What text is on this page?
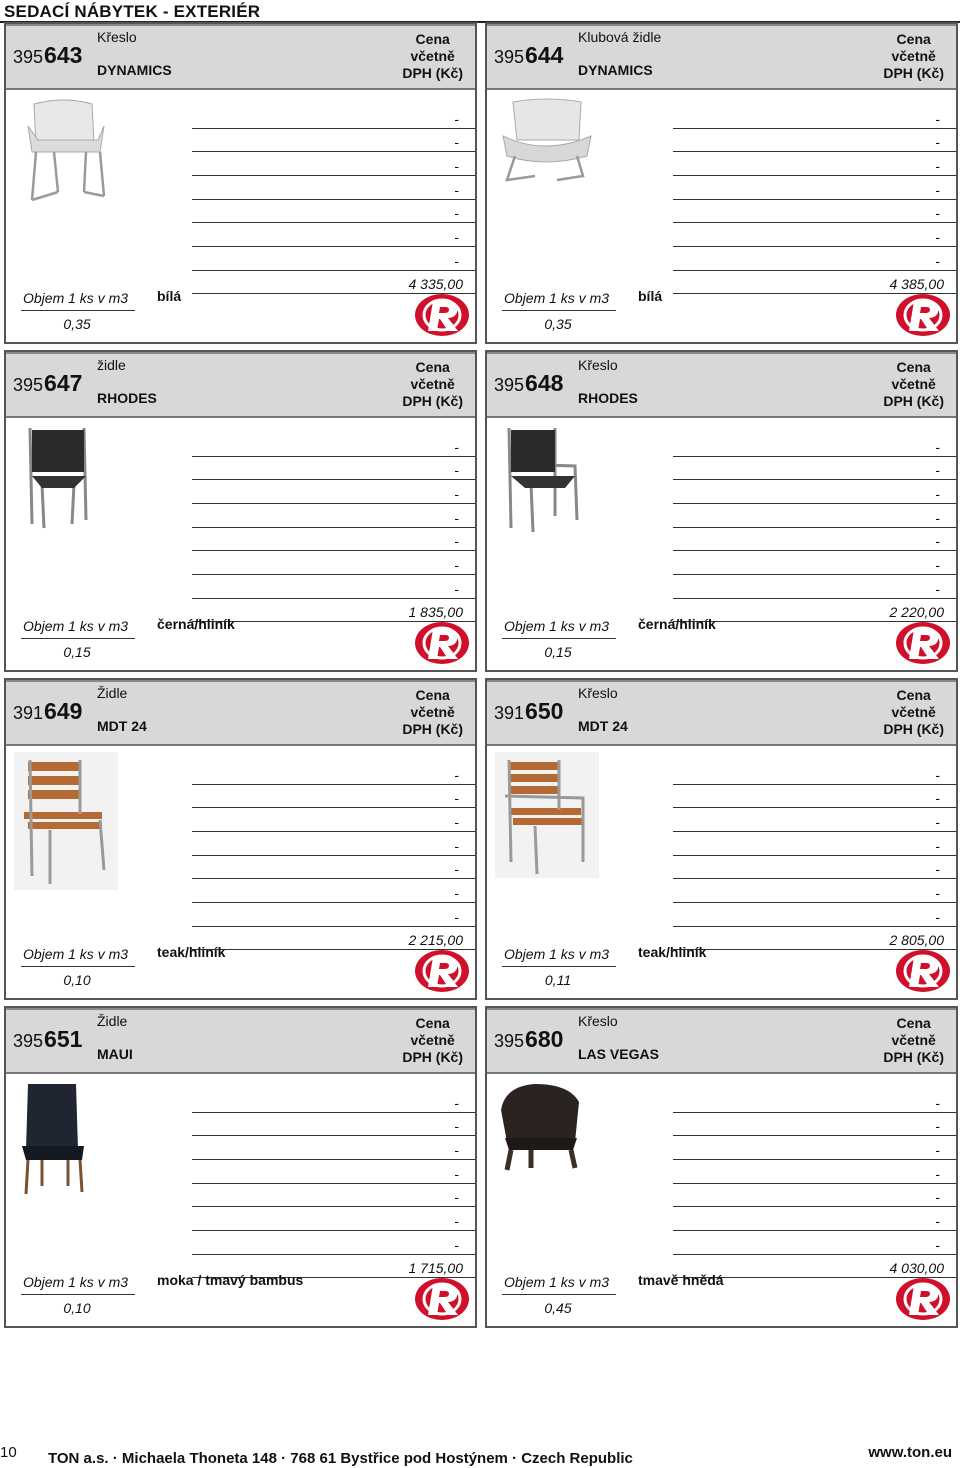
SEDACÍ NÁBYTEK - EXTERIÉR
395643
Křeslo
DYNAMICS
Cena
včetně
DPH (Kč)
-
-
-
-
-
-
-
4 335,00
Objem 1 ks v m3
0,35
bílá
395644
Klubová židle
DYNAMICS
Cena
včetně
DPH (Kč)
-
-
-
-
-
-
-
4 385,00
Objem 1 ks v m3
0,35
bílá
395647
židle
RHODES
Cena
včetně
DPH (Kč)
-
-
-
-
-
-
-
1 835,00
Objem 1 ks v m3
0,15
černá/hliník
395648
Křeslo
RHODES
Cena
včetně
DPH (Kč)
-
-
-
-
-
-
-
2 220,00
Objem 1 ks v m3
0,15
černá/hliník
391649
Židle
MDT 24
Cena
včetně
DPH (Kč)
-
-
-
-
-
-
-
2 215,00
Objem 1 ks v m3
0,10
teak/hliník
391650
Křeslo
MDT 24
Cena
včetně
DPH (Kč)
-
-
-
-
-
-
-
2 805,00
Objem 1 ks v m3
0,11
teak/hliník
395651
Židle
MAUI
Cena
včetně
DPH (Kč)
-
-
-
-
-
-
-
1 715,00
Objem 1 ks v m3
0,10
moka / tmavý bambus
395680
Křeslo
LAS VEGAS
Cena
včetně
DPH (Kč)
-
-
-
-
-
-
-
4 030,00
Objem 1 ks v m3
0,45
tmavě hnědá
10 TON a.s. · Michaela Thoneta 148 · 768 61 Bystřice pod Hostýnem · Czech Republic	www.ton.eu
